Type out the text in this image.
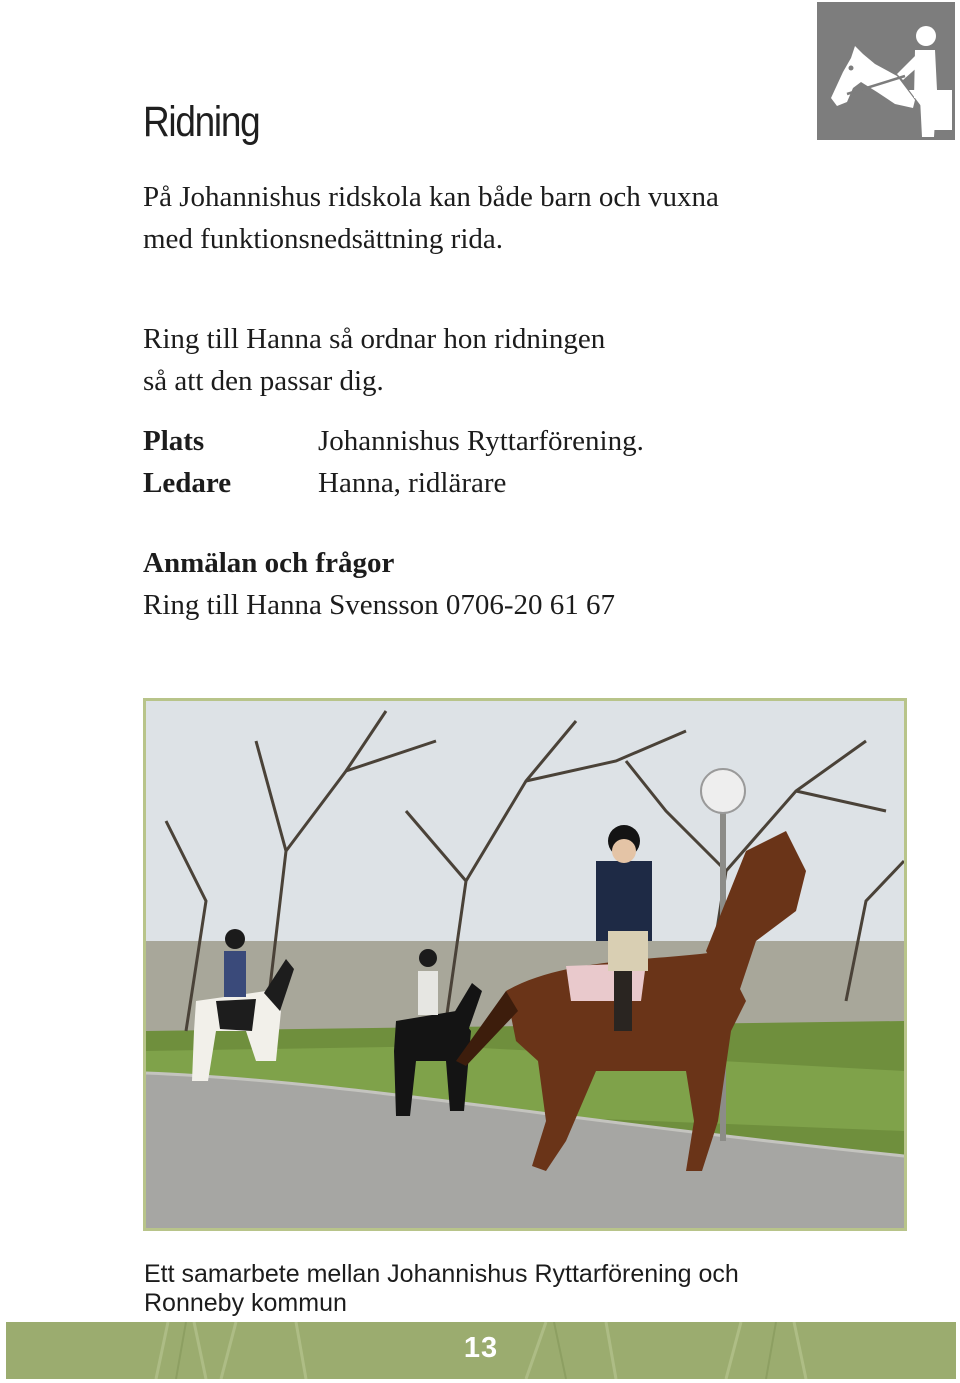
Ridning
På Johannishus ridskola kan både barn och vuxna
med funktionsnedsättning rida.
Ring till Hanna så ordnar hon ridningen
så att den passar dig.
Plats	Johannishus Ryttarförening.
Ledare	Hanna, ridlärare
Anmälan och frågor
Ring till Hanna Svensson 0706-20 61 67
Ett samarbete mellan Johannishus Ryttarförening och
Ronneby kommun
13
